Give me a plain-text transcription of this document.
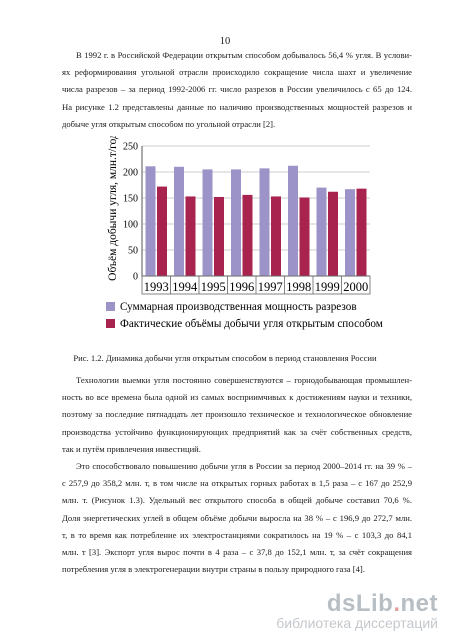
10
В 1992 г. в Российской Федерации открытым способом добывалось 56,4 % угля. В услови-
ях реформирования угольной отрасли происходило сокращение числа шахт и увеличение
числа разрезов – за период 1992-2006 гг. число разрезов в России увеличилось с 65 до 124.
На рисунке 1.2 представлены данные по наличию производственных мощностей разрезов и
добыче угля открытым способом по угольной отрасли [2].
0
50
100
150
200
250
Объём добычи угля, млн.т/год
1993 1994 1995 1996 1997 1998 1999 2000
Суммарная производственная мощность разрезов
Фактические объёмы добычи угля открытым способом
Рис. 1.2. Динамика добычи угля открытым способом в период становления России
Технологии выемки угля постоянно совершенствуются – горнодобывающая промышлен-
ность во все времена была одной из самых восприимчивых к достижениям науки и техники,
поэтому за последние пятнадцать лет произошло техническое и технологическое обновление
производства устойчиво функционирующих предприятий как за счёт собственных средств,
так и путём привлечения инвестиций.
Это способствовало повышению добычи угля в России за период 2000–2014 гг. на 39 % –
с 257,9 до 358,2 млн. т, в том числе на открытых горных работах в 1,5 раза – с 167 до 252,9
млн. т. (Рисунок 1.3). Удельный вес открытого способа в общей добыче составил 70,6 %.
Доля энергетических углей в общем объёме добычи выросла на 38 % – с 196,9 до 272,7 млн.
т, в то время как потребление их электростанциями сократилось на 19 % – с 103,3 до 84,1
млн. т [3]. Экспорт угля вырос почти в 4 раза – с 37,8 до 152,1 млн. т, за счёт сокращения
потребления угля в электрогенерации внутри страны в пользу природного газа [4].
dsLib.net
библиотека диссертаций
